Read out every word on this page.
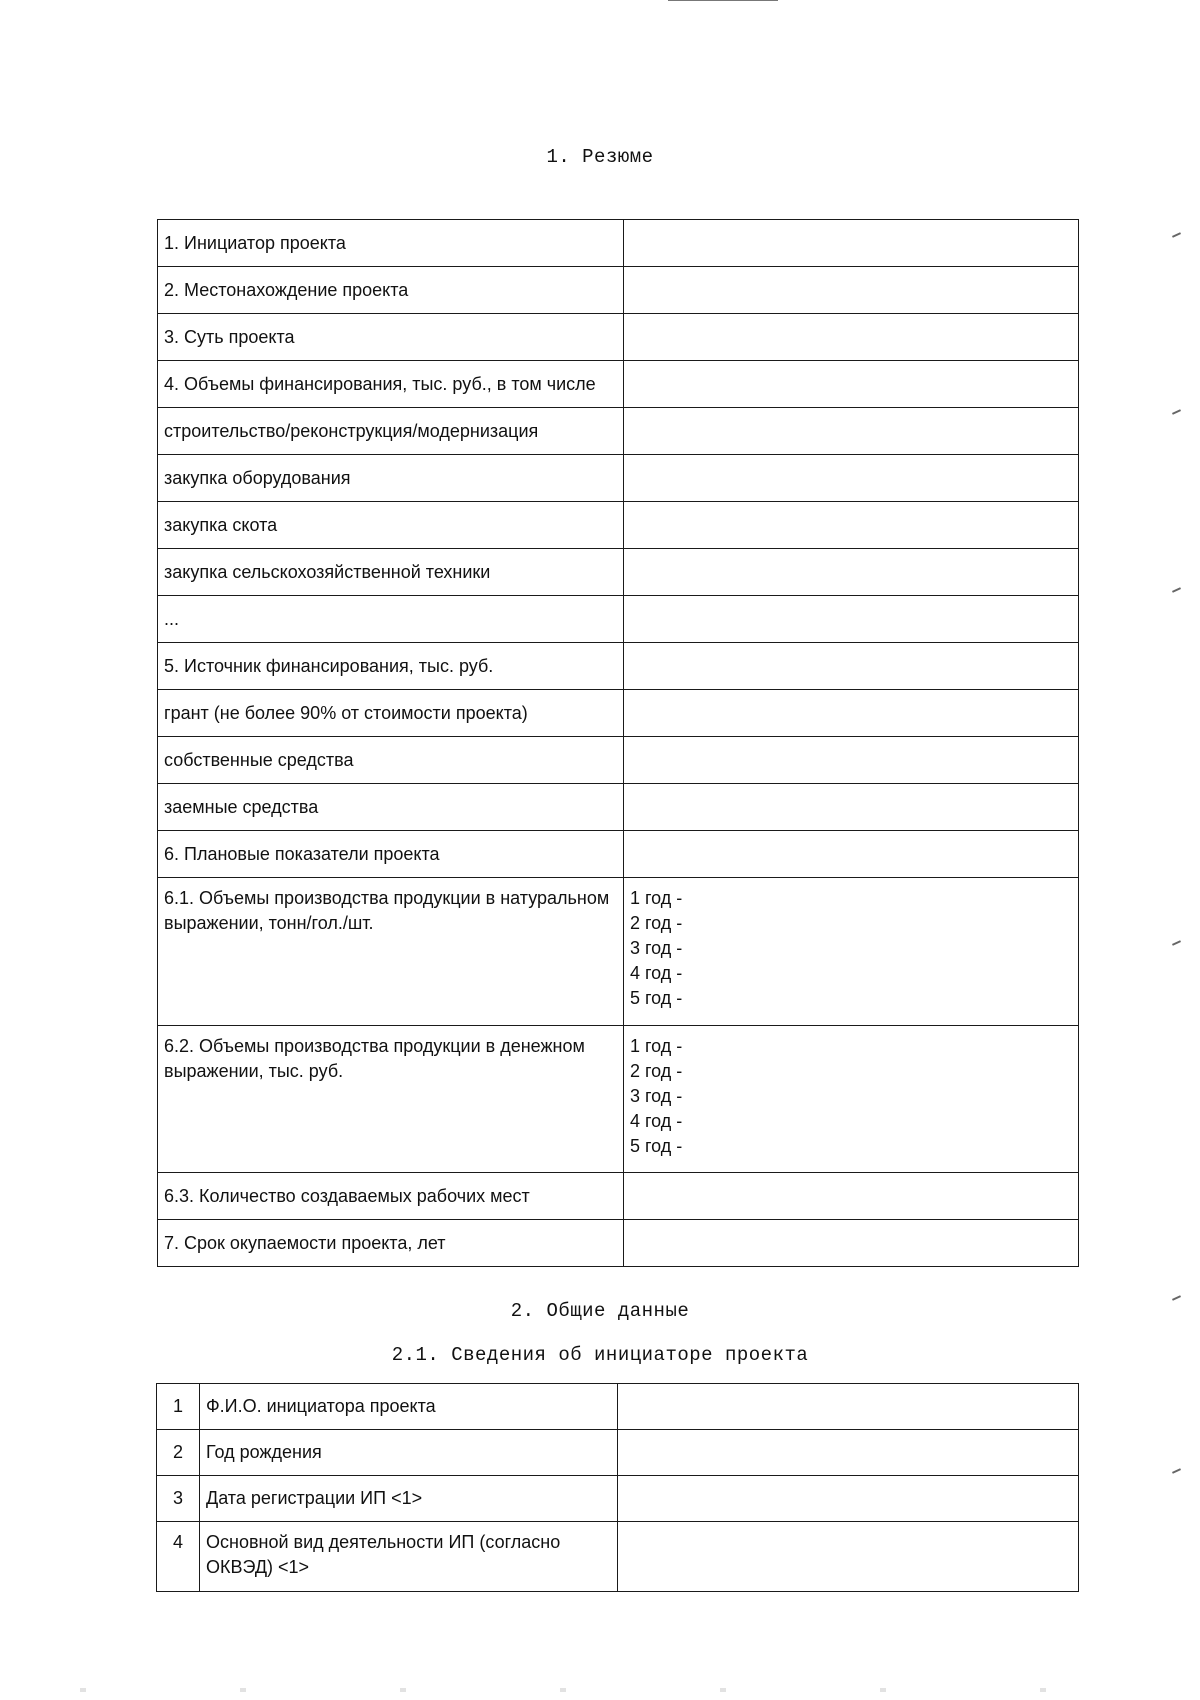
1. Резюме
1. Инициатор проекта	
2. Местонахождение проекта	
3. Суть проекта	
4. Объемы финансирования, тыс. руб., в том числе	
строительство/реконструкция/модернизация	
закупка оборудования	
закупка скота	
закупка сельскохозяйственной техники	
...	
5. Источник финансирования, тыс. руб.	
грант (не более 90% от стоимости проекта)	
собственные средства	
заемные средства	
6. Плановые показатели проекта	
6.1. Объемы производства продукции в натуральном выражении, тонн/гол./шт.	1 год -
2 год -
3 год -
4 год -
5 год -

6.2. Объемы производства продукции в денежном выражении, тыс. руб.	1 год -
2 год -
3 год -
4 год -
5 год -

6.3. Количество создаваемых рабочих мест	
7. Срок окупаемости проекта, лет	
2. Общие данные
2.1. Сведения об инициаторе проекта
1	Ф.И.О. инициатора проекта	
2	Год рождения	
3	Дата регистрации ИП <1>	
4	Основной вид деятельности ИП (согласно ОКВЭД) <1>	
